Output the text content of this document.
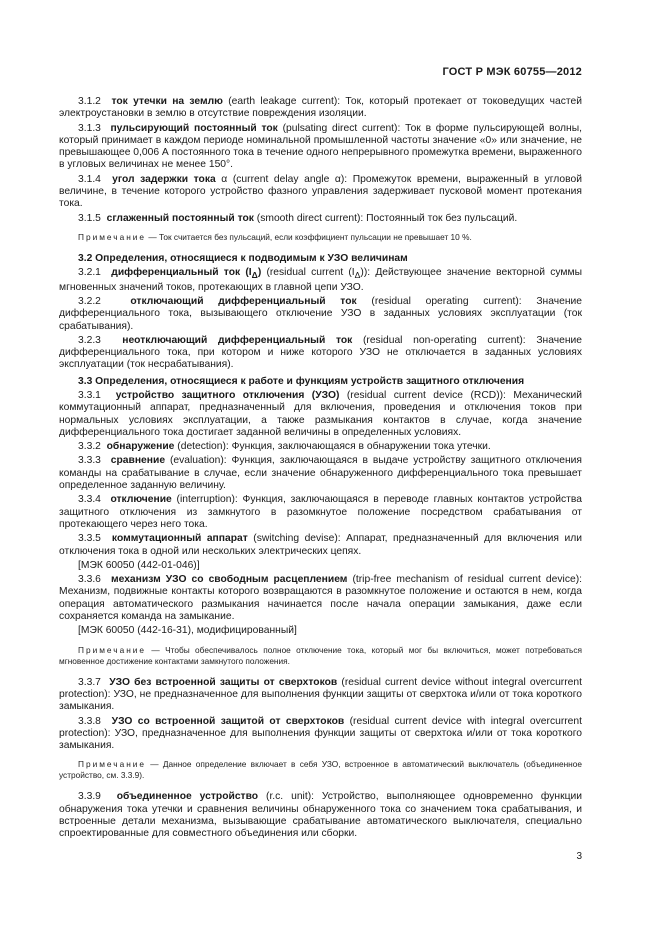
ГОСТ Р МЭК 60755—2012

3.1.2 ток утечки на землю (earth leakage current): Ток, который протекает от токоведущих частей электроустановки в землю в отсутствие повреждения изоляции.

3.1.3 пульсирующий постоянный ток (pulsating direct current): Ток в форме пульсирующей волны, который принимает в каждом периоде номинальной промышленной частоты значение «0» или значение, не превышающее 0,006 А постоянного тока в течение одного непрерывного промежутка времени, выраженного в угловых величинах не менее 150°.

3.1.4 угол задержки тока α (current delay angle α): Промежуток времени, выраженный в угловой величине, в течение которого устройство фазного управления задерживает пусковой момент протекания тока.

3.1.5 сглаженный постоянный ток (smooth direct current): Постоянный ток без пульсаций.

Примечание — Ток считается без пульсаций, если коэффициент пульсации не превышает 10 %.

3.2 Определения, относящиеся к подводимым к УЗО величинам

3.2.1 дифференциальный ток $(I_\Delta)$ (residual current $(I_\Delta)$): Действующее значение векторной суммы мгновенных значений токов, протекающих в главной цепи УЗО.

3.2.2	отключающий дифференциальный ток (residual operating current): Значение дифференциального тока, вызывающего отключение УЗО в заданных условиях эксплуатации (ток срабатывания).

3.2.3 неотключающий дифференциальный ток (residual non-operating current): Значение дифференциального тока, при котором и ниже которого УЗО не отключается в заданных условиях эксплуатации (ток несрабатывания).

3.3 Определения, относящиеся к работе и функциям устройств защитного отключения

3.3.1 устройство защитного отключения (УЗО) (residual current device (RCD)): Механический коммутационный аппарат, предназначенный для включения, проведения и отключения токов при нормальных условиях эксплуатации, а также размыкания контактов в случае, когда значение дифференциального тока достигает заданной величины в определенных условиях.

3.3.2 обнаружение (detection): Функция, заключающаяся в обнаружении тока утечки.

3.3.3 сравнение (evaluation): Функция, заключающаяся в выдаче устройству защитного отключения команды на срабатывание в случае, если значение обнаруженного дифференциального тока превышает определенное заданную величину.

3.3.4 отключение (interruption): Функция, заключающаяся в переводе главных контактов устройства защитного отключения из замкнутого в разомкнутое положение посредством срабатывания от протекающего через него тока.

3.3.5 коммутационный аппарат (switching devise): Аппарат, предназначенный для включения или отключения тока в одной или нескольких электрических цепях.

[МЭК 60050 (442-01-046)]

3.3.6 механизм УЗО со свободным расцеплением (trip-free mechanism of residual current device): Механизм, подвижные контакты которого возвращаются в разомкнутое положение и остаются в нем, когда операция автоматического размыкания начинается после начала операции замыкания, даже если сохраняется команда на замыкание.

[МЭК 60050 (442-16-31), модифицированный]

Примечание — Чтобы обеспечивалось полное отключение тока, который мог бы включиться, может потребоваться мгновенное достижение контактами замкнутого положения.

3.3.7 УЗО без встроенной защиты от сверхтоков (residual current device without integral overcurrent protection): УЗО, не предназначенное для выполнения функции защиты от сверхтока и/или от тока короткого замыкания.

3.3.8 УЗО со встроенной защитой от сверхтоков (residual current device with integral overcurrent protection): УЗО, предназначенное для выполнения функции защиты от сверхтока и/или от тока короткого замыкания.

Примечание — Данное определение включает в себя УЗО, встроенное в автоматический выключатель (объединенное устройство, см. 3.3.9).

3.3.9 объединенное устройство (r.c. unit): Устройство, выполняющее одновременно функции обнаружения тока утечки и сравнения величины обнаруженного тока со значением тока срабатывания, и встроенные детали механизма, вызывающие срабатывание автоматического выключателя, специально спроектированные для совместного объединения или сборки.

3
